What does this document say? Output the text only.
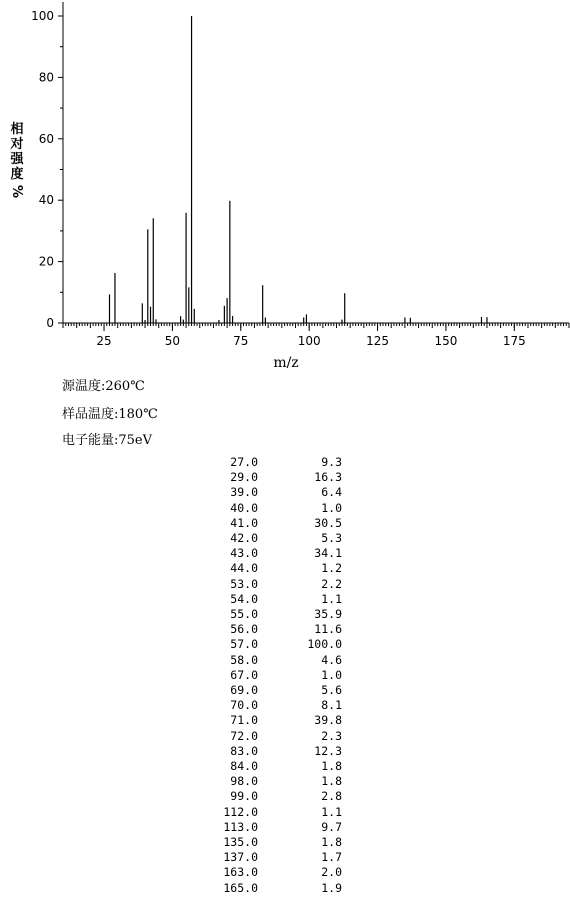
0
20
40
60
80
100
25	50	75	100	125	150	175
m/z
相
对
强
度
%
源温度:260℃
样品温度:180℃
电子能量:75eV
27.0	9.3
29.0	16.3
39.0	6.4
40.0	1.0
41.0	30.5
42.0	5.3
43.0	34.1
44.0	1.2
53.0	2.2
54.0	1.1
55.0	35.9
56.0	11.6
57.0	100.0
58.0	4.6
67.0	1.0
69.0	5.6
70.0	8.1
71.0	39.8
72.0	2.3
83.0	12.3
84.0	1.8
98.0	1.8
99.0	2.8
112.0	1.1
113.0	9.7
135.0	1.8
137.0	1.7
163.0	2.0
165.0	1.9
